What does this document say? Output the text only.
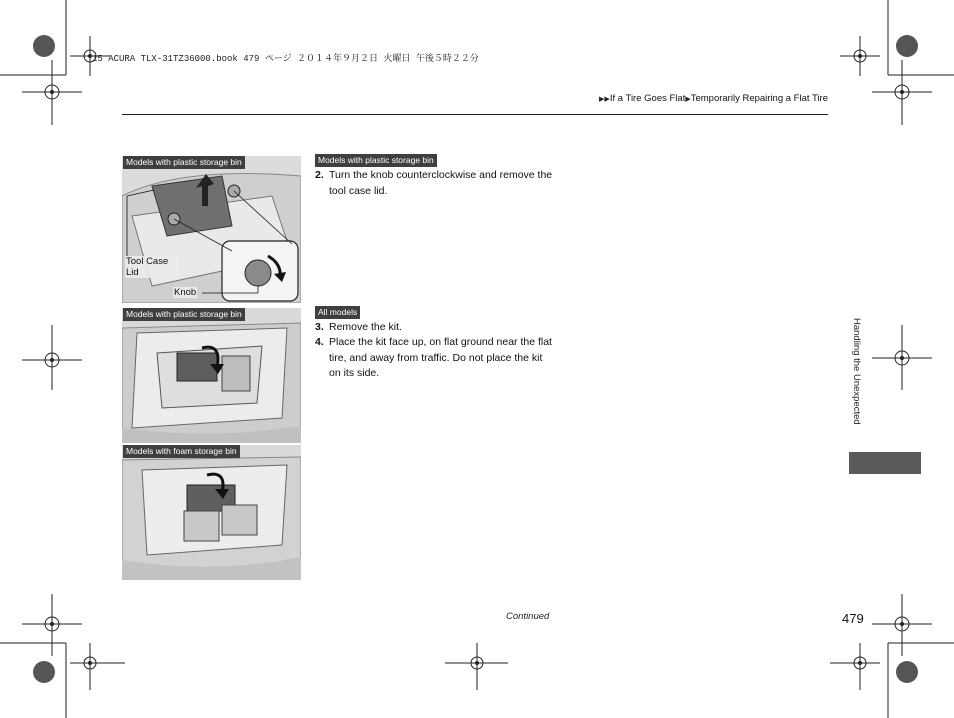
15 ACURA TLX-31TZ36000.book 479 ページ ２０１４年９月２日 火曜日 午後５時２２分
▶▶If a Tire Goes Flat▶Temporarily Repairing a Flat Tire
Models with plastic storage bin
Tool Case Lid
Knob
Models with plastic storage bin
Models with foam storage bin
Models with plastic storage bin
2. Turn the knob counterclockwise and remove the tool case lid.
All models
3. Remove the kit.
4. Place the kit face up, on flat ground near the flat tire, and away from traffic. Do not place the kit on its side.	Handling the Unexpected
Continued	479
